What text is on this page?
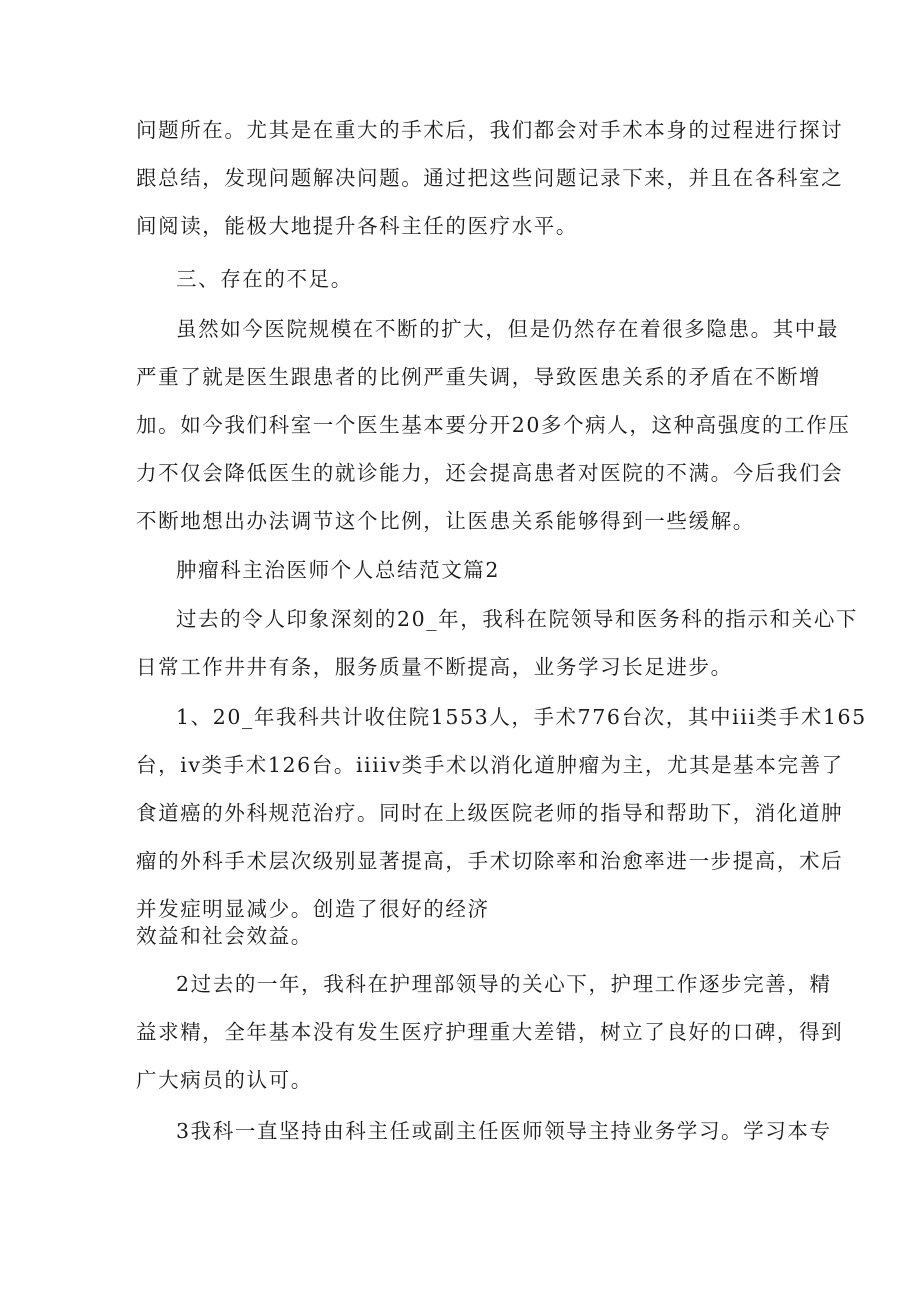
问题所在。尤其是在重大的手术后，我们都会对手术本身的过程进行探讨
跟总结，发现问题解决问题。通过把这些问题记录下来，并且在各科室之
间阅读，能极大地提升各科主任的医疗水平。
三、存在的不足。
虽然如今医院规模在不断的扩大，但是仍然存在着很多隐患。其中最
严重了就是医生跟患者的比例严重失调，导致医患关系的矛盾在不断增
加。如今我们科室一个医生基本要分开20多个病人，这种高强度的工作压
力不仅会降低医生的就诊能力，还会提高患者对医院的不满。今后我们会
不断地想出办法调节这个比例，让医患关系能够得到一些缓解。
肿瘤科主治医师个人总结范文篇2
过去的令人印象深刻的20_年，我科在院领导和医务科的指示和关心下
日常工作井井有条，服务质量不断提高，业务学习长足进步。
1、20_年我科共计收住院1553人，手术776台次，其中iii类手术165
台，iv类手术126台。iiiiv类手术以消化道肿瘤为主，尤其是基本完善了
食道癌的外科规范治疗。同时在上级医院老师的指导和帮助下，消化道肿
瘤的外科手术层次级别显著提高，手术切除率和治愈率进一步提高，术后
并发症明显减少。创造了很好的经济
效益和社会效益。
2过去的一年，我科在护理部领导的关心下，护理工作逐步完善，精
益求精，全年基本没有发生医疗护理重大差错，树立了良好的口碑，得到
广大病员的认可。
3我科一直坚持由科主任或副主任医师领导主持业务学习。学习本专
